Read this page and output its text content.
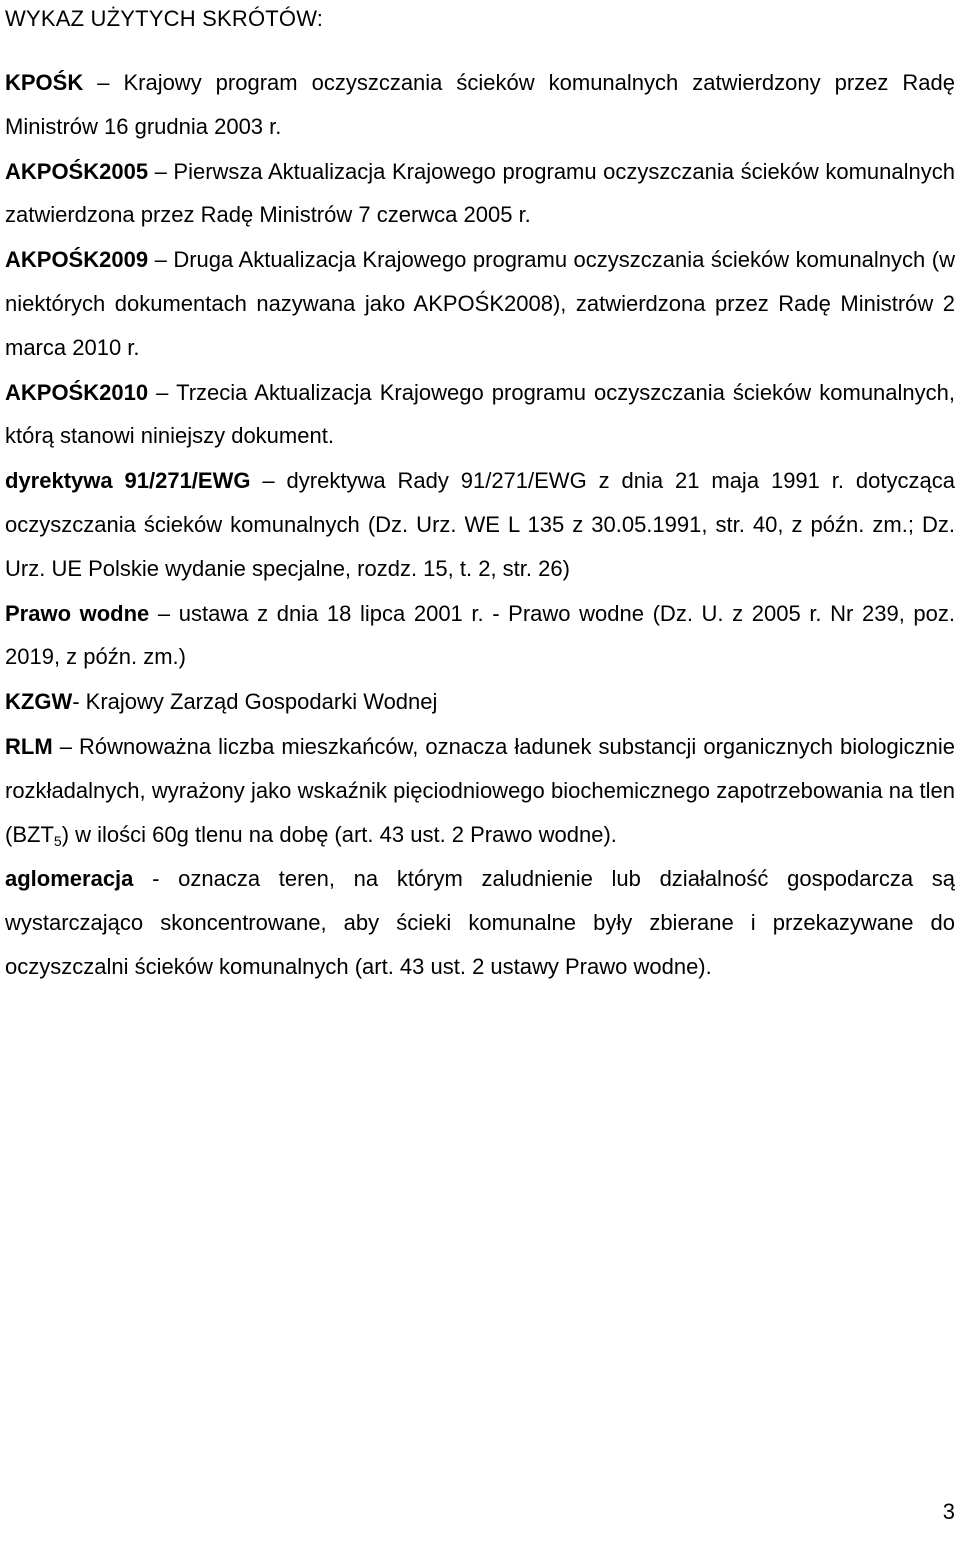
WYKAZ UŻYTYCH SKRÓTÓW:
KPOŚK – Krajowy program oczyszczania ścieków komunalnych zatwierdzony przez Radę Ministrów 16 grudnia 2003 r.
AKPOŚK2005 – Pierwsza Aktualizacja Krajowego programu oczyszczania ścieków komunalnych zatwierdzona przez Radę Ministrów 7 czerwca 2005 r.
AKPOŚK2009 – Druga Aktualizacja Krajowego programu oczyszczania ścieków komunalnych (w niektórych dokumentach nazywana jako AKPOŚK2008), zatwierdzona przez Radę Ministrów 2 marca 2010 r.
AKPOŚK2010 – Trzecia Aktualizacja Krajowego programu oczyszczania ścieków komunalnych, którą stanowi niniejszy dokument.
dyrektywa 91/271/EWG – dyrektywa Rady 91/271/EWG z dnia 21 maja 1991 r. dotycząca oczyszczania ścieków komunalnych (Dz. Urz. WE L 135 z 30.05.1991, str. 40, z późn. zm.; Dz. Urz. UE Polskie wydanie specjalne, rozdz. 15, t. 2, str. 26)
Prawo wodne – ustawa z dnia 18 lipca 2001 r. - Prawo wodne (Dz. U. z 2005 r. Nr 239, poz. 2019, z późn. zm.)
KZGW- Krajowy Zarząd Gospodarki Wodnej
RLM – Równoważna liczba mieszkańców, oznacza ładunek substancji organicznych biologicznie rozkładalnych, wyrażony jako wskaźnik pięciodniowego biochemicznego zapotrzebowania na tlen $(BZT_5)$ w ilości 60g tlenu na dobę (art. 43 ust. 2 Prawo wodne).
aglomeracja - oznacza teren, na którym zaludnienie lub działalność gospodarcza są wystarczająco skoncentrowane, aby ścieki komunalne były zbierane i przekazywane do oczyszczalni ścieków komunalnych (art. 43 ust. 2 ustawy Prawo wodne).
3
